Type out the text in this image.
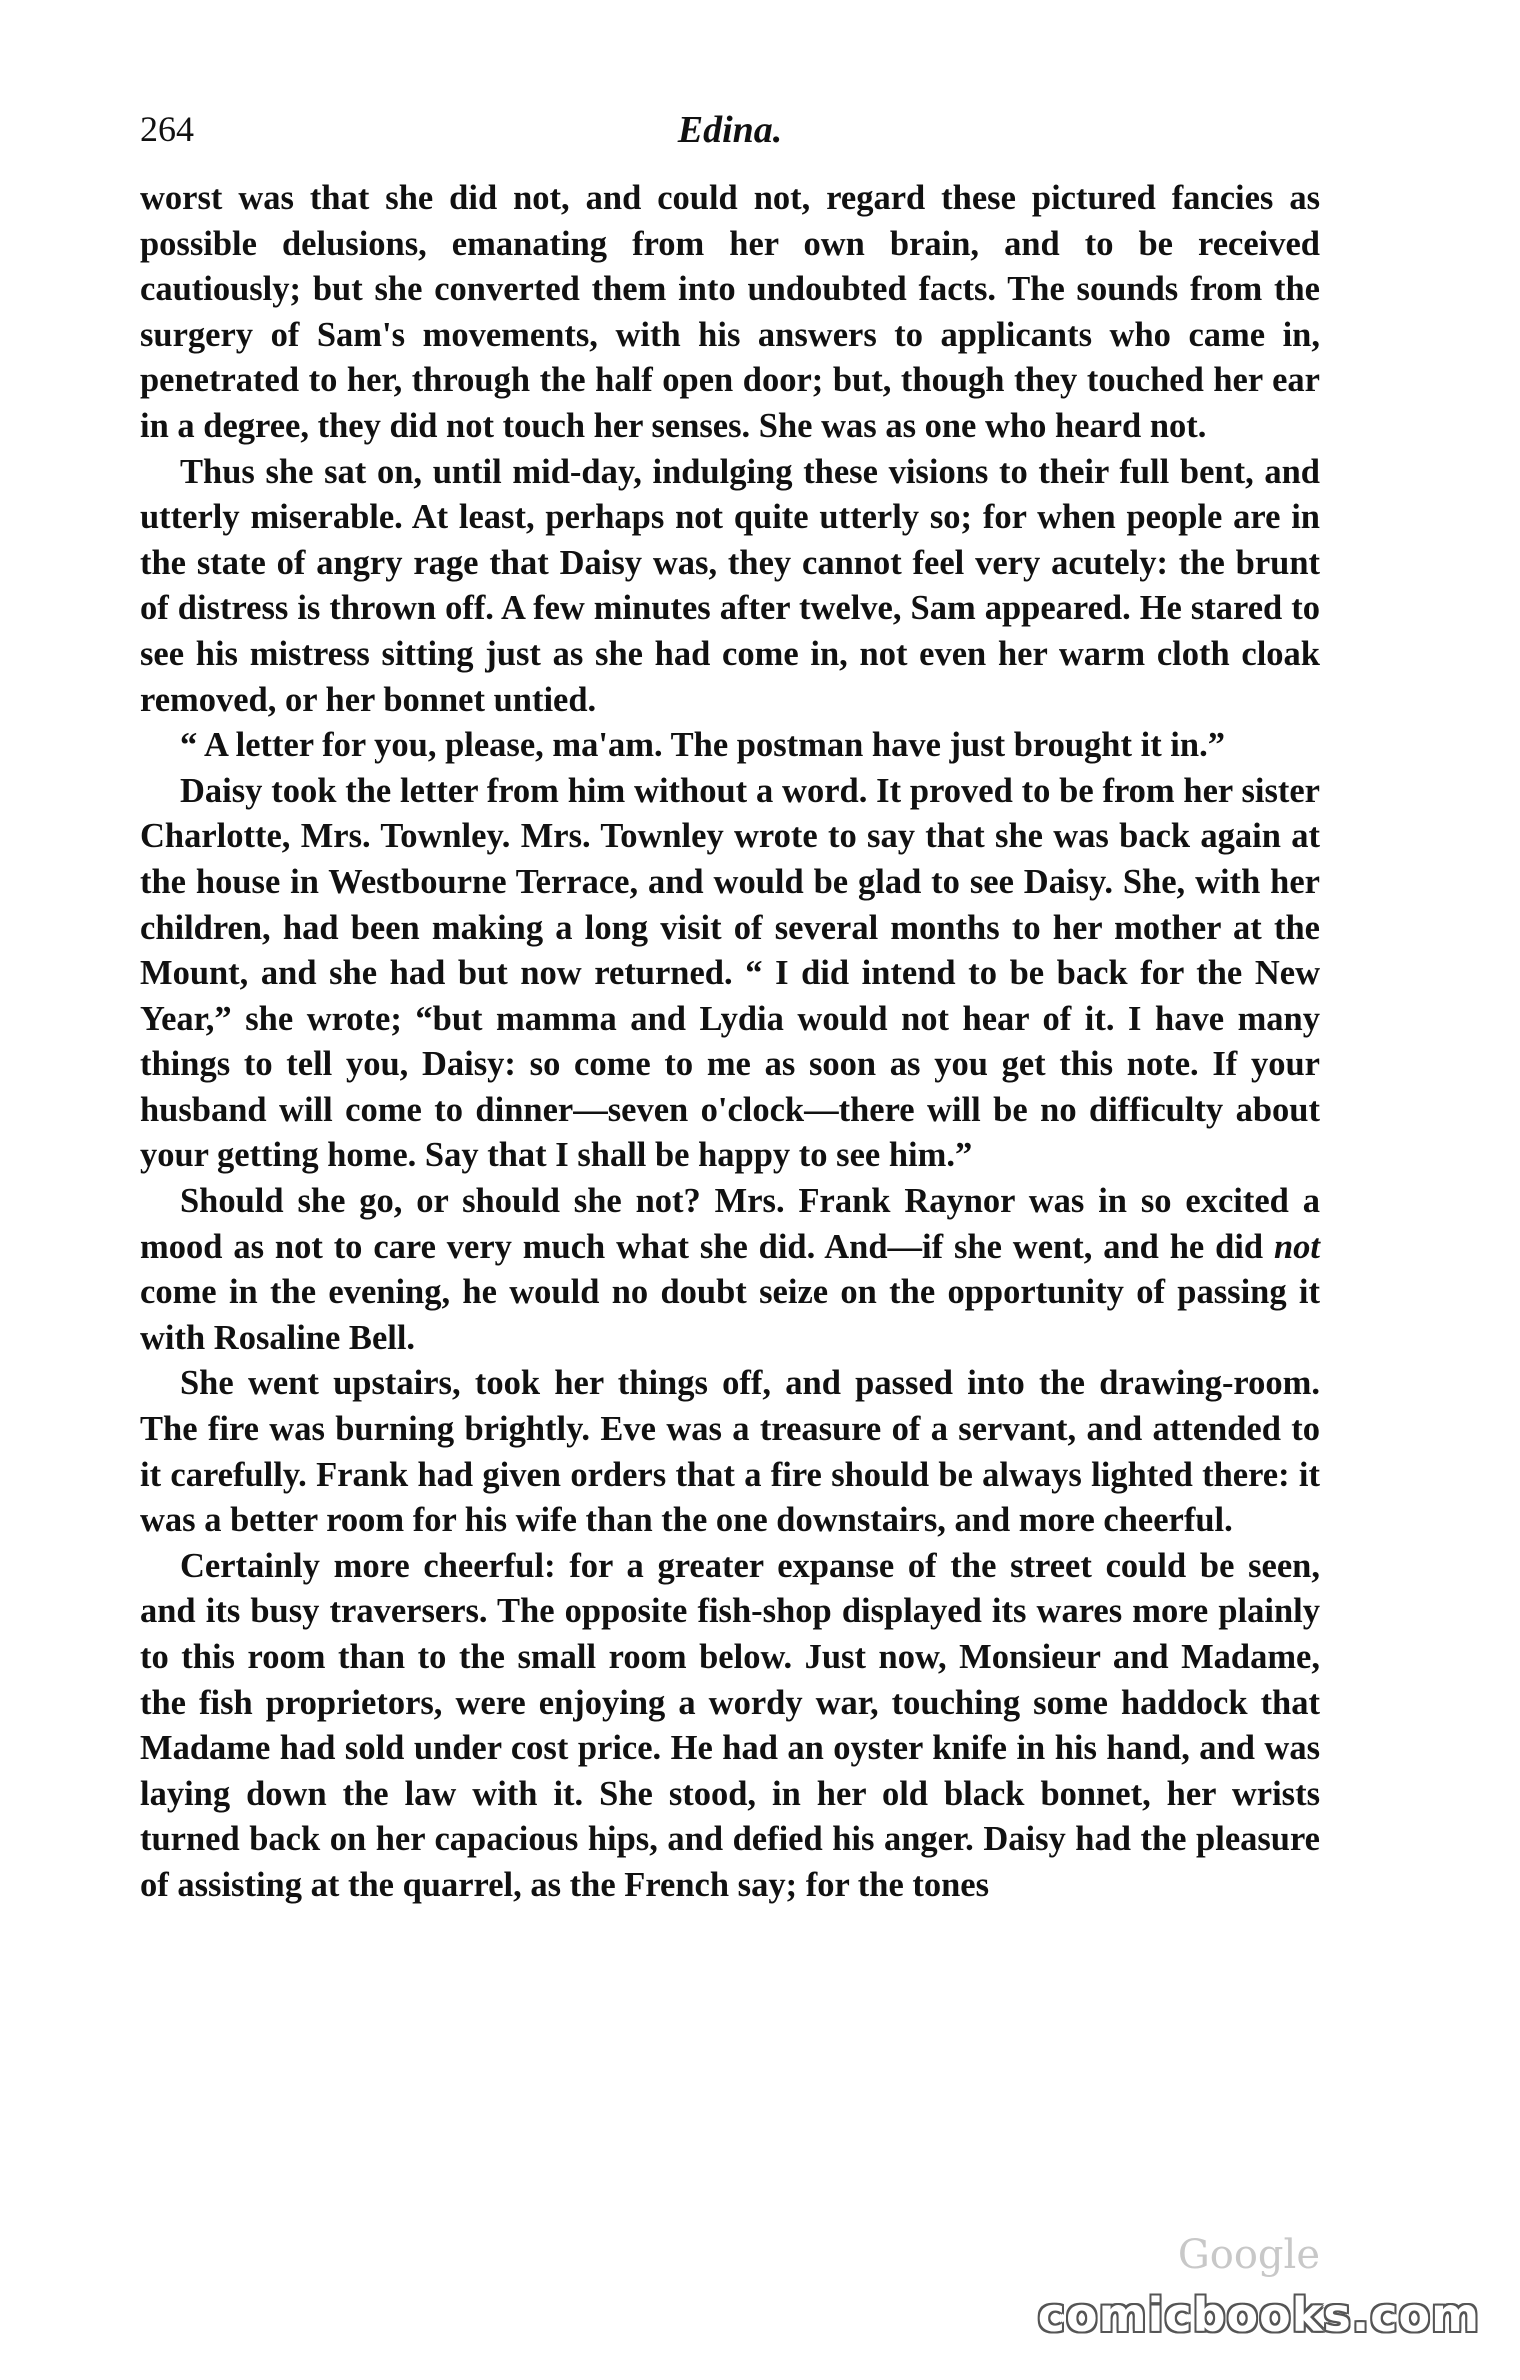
264	Edina.

worst was that she did not, and could not, regard these pictured fancies as possible delusions, emanating from her own brain, and to be received cautiously; but she converted them into undoubted facts. The sounds from the surgery of Sam's movements, with his answers to applicants who came in, penetrated to her, through the half open door; but, though they touched her ear in a degree, they did not touch her senses. She was as one who heard not.

Thus she sat on, until mid-day, indulging these visions to their full bent, and utterly miserable. At least, perhaps not quite utterly so; for when people are in the state of angry rage that Daisy was, they cannot feel very acutely: the brunt of distress is thrown off. A few minutes after twelve, Sam appeared. He stared to see his mistress sitting just as she had come in, not even her warm cloth cloak removed, or her bonnet untied.

“ A letter for you, please, ma'am. The postman have just brought it in.”

Daisy took the letter from him without a word. It proved to be from her sister Charlotte, Mrs. Townley. Mrs. Townley wrote to say that she was back again at the house in Westbourne Terrace, and would be glad to see Daisy. She, with her children, had been making a long visit of several months to her mother at the Mount, and she had but now returned. “ I did intend to be back for the New Year,” she wrote; “but mamma and Lydia would not hear of it. I have many things to tell you, Daisy: so come to me as soon as you get this note. If your husband will come to dinner—seven o'clock—there will be no difficulty about your getting home. Say that I shall be happy to see him.”

Should she go, or should she not? Mrs. Frank Raynor was in so excited a mood as not to care very much what she did. And—if she went, and he did not come in the evening, he would no doubt seize on the opportunity of passing it with Rosaline Bell.

She went upstairs, took her things off, and passed into the drawing-room. The fire was burning brightly. Eve was a treasure of a servant, and attended to it carefully. Frank had given orders that a fire should be always lighted there: it was a better room for his wife than the one downstairs, and more cheerful.

Certainly more cheerful: for a greater expanse of the street could be seen, and its busy traversers. The opposite fish-shop displayed its wares more plainly to this room than to the small room below. Just now, Monsieur and Madame, the fish proprietors, were enjoying a wordy war, touching some haddock that Madame had sold under cost price. He had an oyster knife in his hand, and was laying down the law with it. She stood, in her old black bonnet, her wrists turned back on her capacious hips, and defied his anger. Daisy had the pleasure of assisting at the quarrel, as the French say; for the tones

Google
comicbooks.com
